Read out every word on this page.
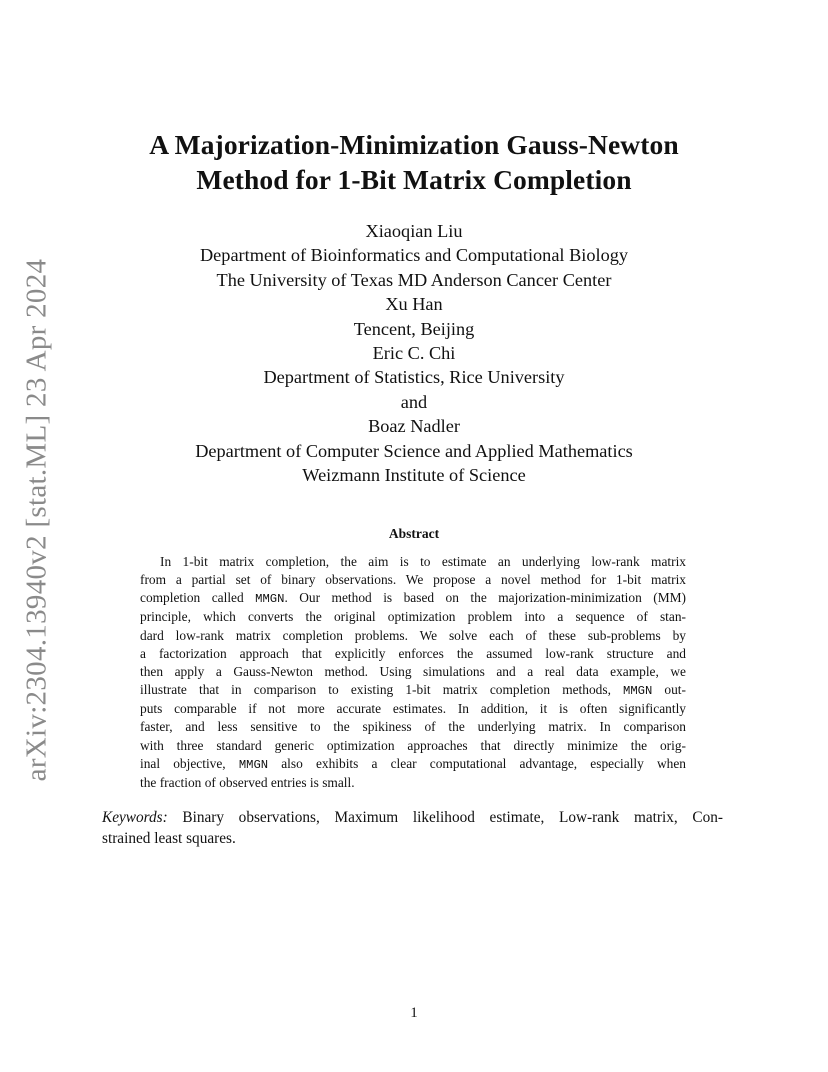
arXiv:2304.13940v2 [stat.ML] 23 Apr 2024
A Majorization-Minimization Gauss-Newton
Method for 1-Bit Matrix Completion
Xiaoqian Liu
Department of Bioinformatics and Computational Biology
The University of Texas MD Anderson Cancer Center
Xu Han
Tencent, Beijing
Eric C. Chi
Department of Statistics, Rice University
and
Boaz Nadler
Department of Computer Science and Applied Mathematics
Weizmann Institute of Science
Abstract
In 1-bit matrix completion, the aim is to estimate an underlying low-rank matrix
from a partial set of binary observations. We propose a novel method for 1-bit matrix
completion called MMGN. Our method is based on the majorization-minimization (MM)
principle, which converts the original optimization problem into a sequence of stan-
dard low-rank matrix completion problems. We solve each of these sub-problems by
a factorization approach that explicitly enforces the assumed low-rank structure and
then apply a Gauss-Newton method. Using simulations and a real data example, we
illustrate that in comparison to existing 1-bit matrix completion methods, MMGN out-
puts comparable if not more accurate estimates. In addition, it is often significantly
faster, and less sensitive to the spikiness of the underlying matrix. In comparison
with three standard generic optimization approaches that directly minimize the orig-
inal objective, MMGN also exhibits a clear computational advantage, especially when
the fraction of observed entries is small.
Keywords: Binary observations, Maximum likelihood estimate, Low-rank matrix, Con-
strained least squares.
1
